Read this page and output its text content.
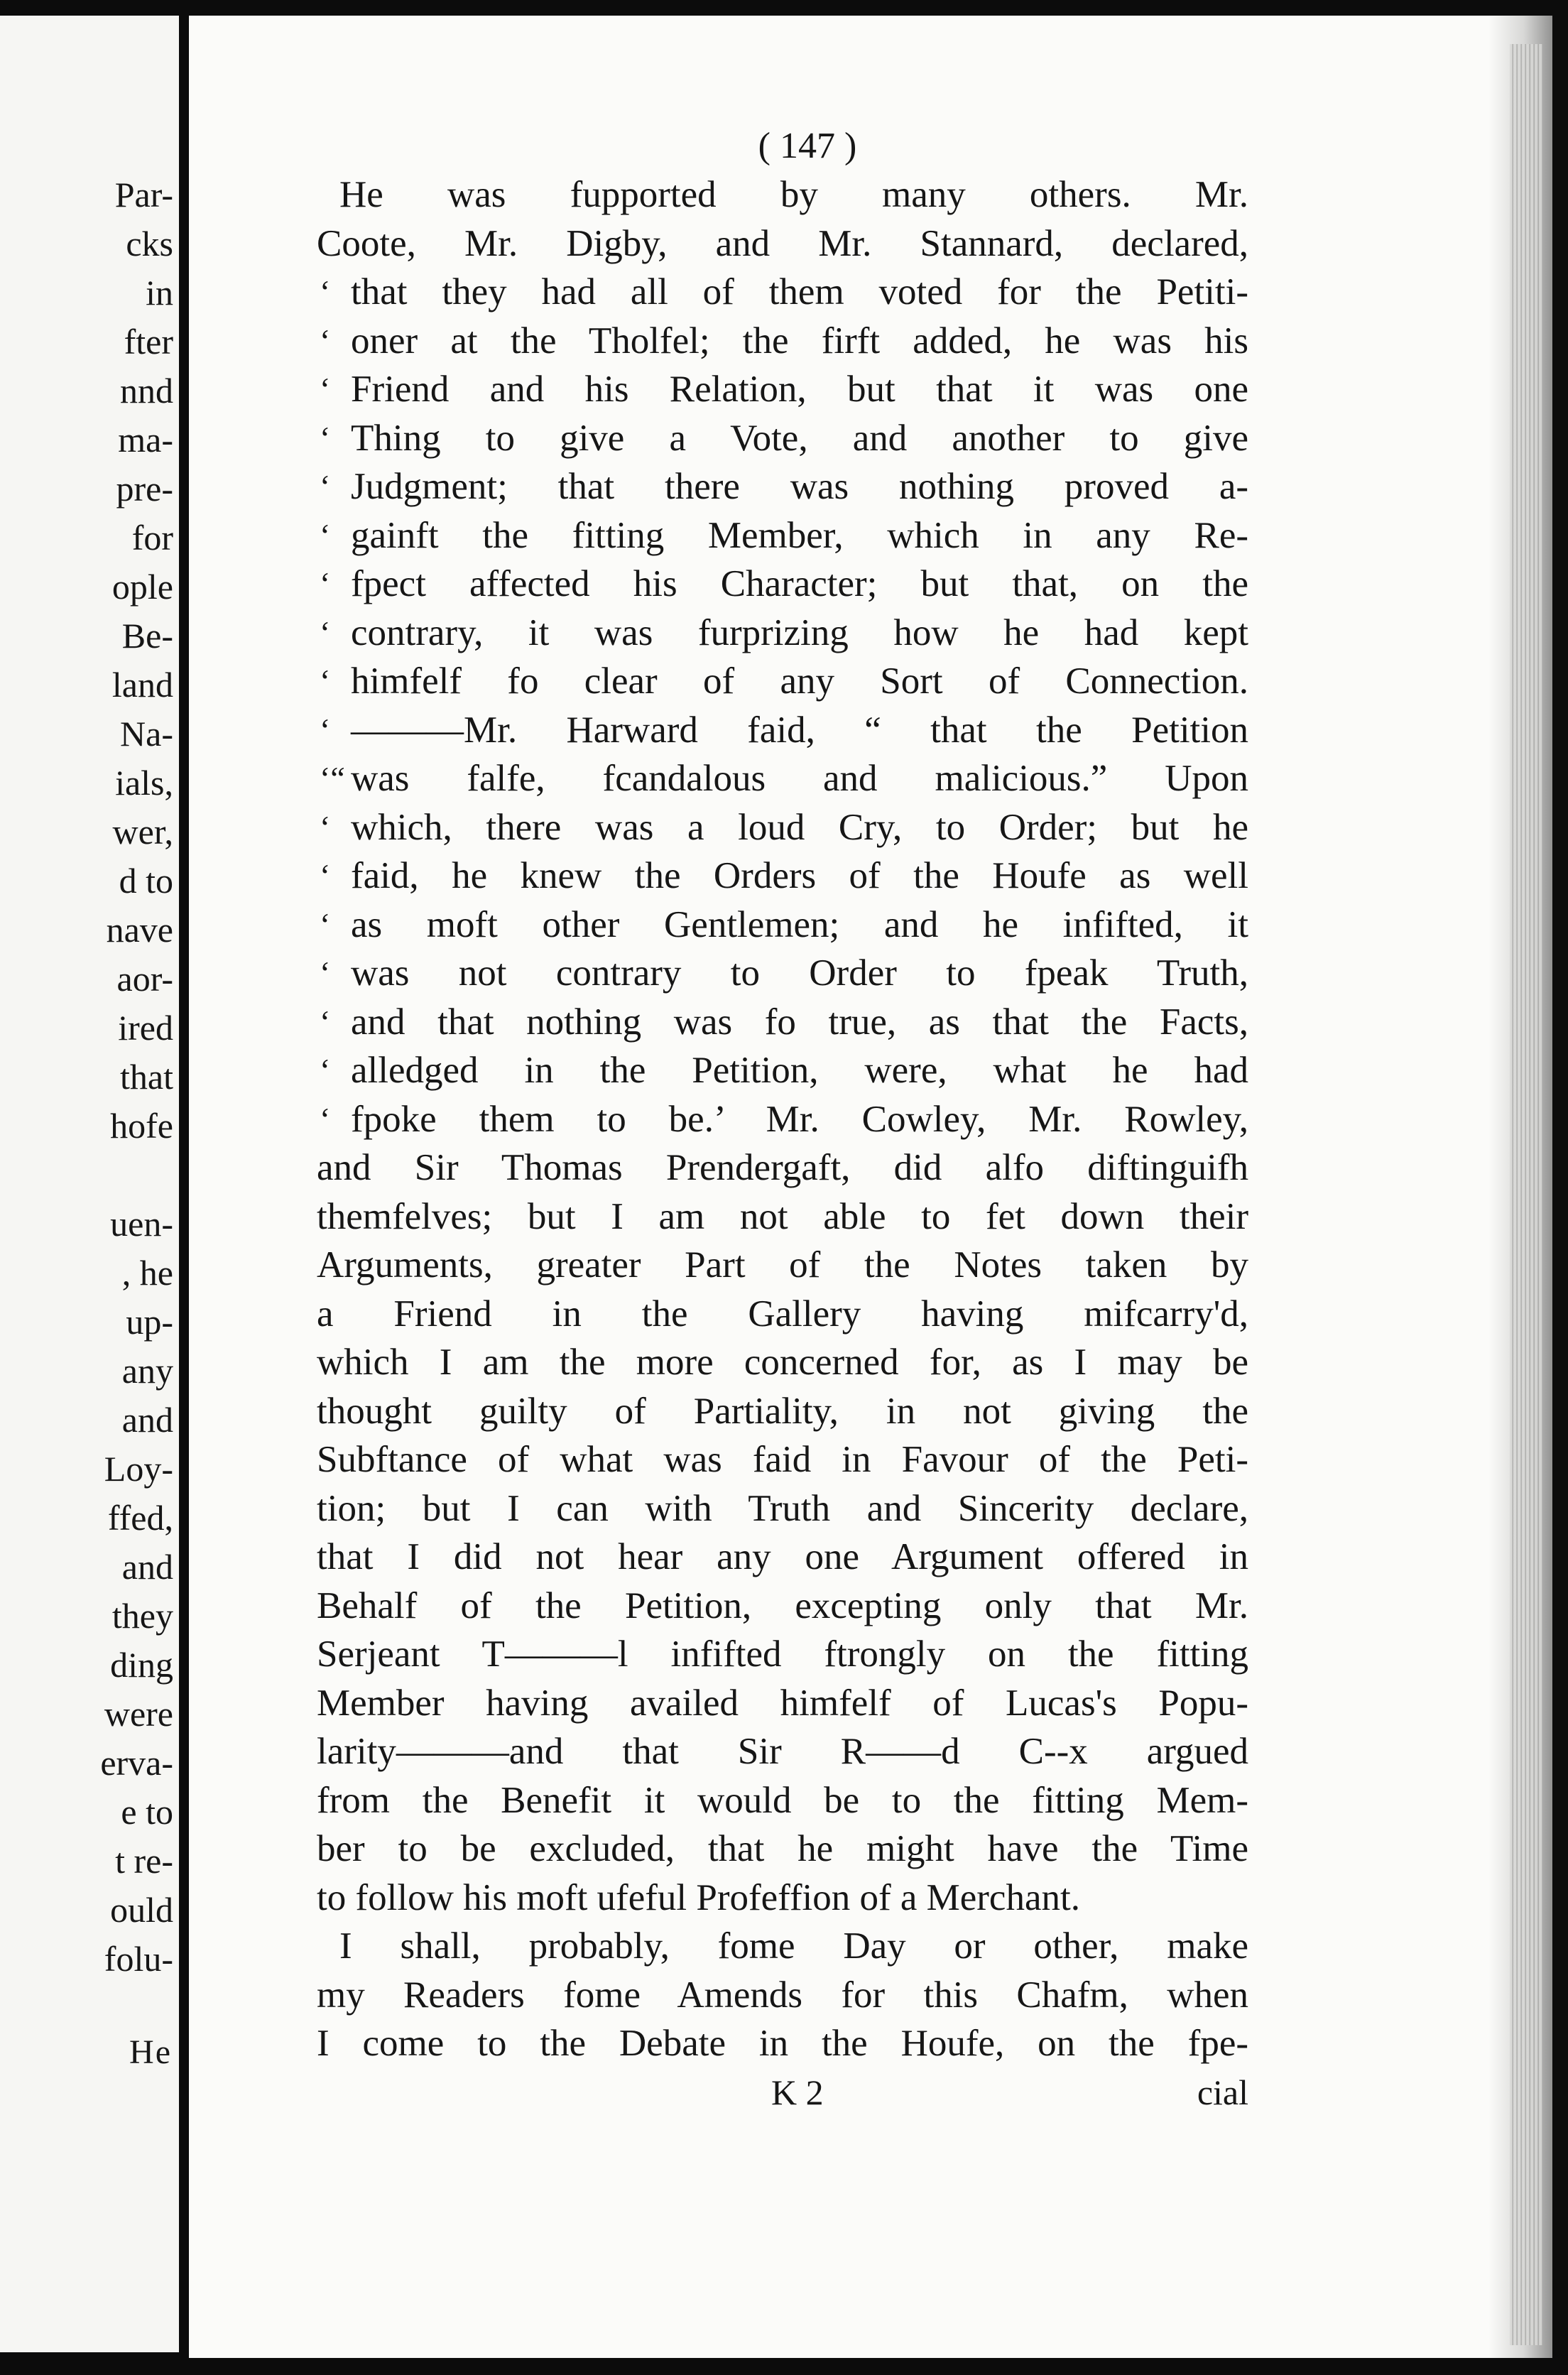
Par-
cks
in
fter
nnd
ma-
pre-
for
ople
Be-
land
Na-
ials,
wer,
d to
nave
aor-
ired
that
hofe
uen-
, he
up-
any
and
Loy-
ffed,
and
they
ding
were
erva-
e to
t re-
ould
folu-
He
( 147 )
He was fupported by many others. Mr.
Coote, Mr. Digby, and Mr. Stannard, declared,
‘ that they had all of them voted for the Petiti-
‘ oner at the Tholfel; the firft added, he was his
‘ Friend and his Relation, but that it was one
‘ Thing to give a Vote, and another to give
‘ Judgment; that there was nothing proved a-
‘ gainft the fitting Member, which in any Re-
‘ fpect affected his Character; but that, on the
‘ contrary, it was furprizing how he had kept
‘ himfelf fo clear of any Sort of Connection.
‘ ———Mr. Harward faid, “ that the Petition
‘“ was falfe, fcandalous and malicious.” Upon
‘ which, there was a loud Cry, to Order; but he
‘ faid, he knew the Orders of the Houfe as well
‘ as moft other Gentlemen; and he infifted, it
‘ was not contrary to Order to fpeak Truth,
‘ and that nothing was fo true, as that the Facts,
‘ alledged in the Petition, were, what he had
‘ fpoke them to be.’ Mr. Cowley, Mr. Rowley,
and Sir Thomas Prendergaft, did alfo diftinguifh
themfelves; but I am not able to fet down their
Arguments, greater Part of the Notes taken by
a Friend in the Gallery having mifcarry'd,
which I am the more concerned for, as I may be
thought guilty of Partiality, in not giving the
Subftance of what was faid in Favour of the Peti-
tion; but I can with Truth and Sincerity declare,
that I did not hear any one Argument offered in
Behalf of the Petition, excepting only that Mr.
Serjeant T———l infifted ftrongly on the fitting
Member having availed himfelf of Lucas's Popu-
larity———and that Sir R——d C--x argued
from the Benefit it would be to the fitting Mem-
ber to be excluded, that he might have the Time
to follow his moft ufeful Profeffion of a Merchant.
I shall, probably, fome Day or other, make
my Readers fome Amends for this Chafm, when
I come to the Debate in the Houfe, on the fpe-
K 2	cial
